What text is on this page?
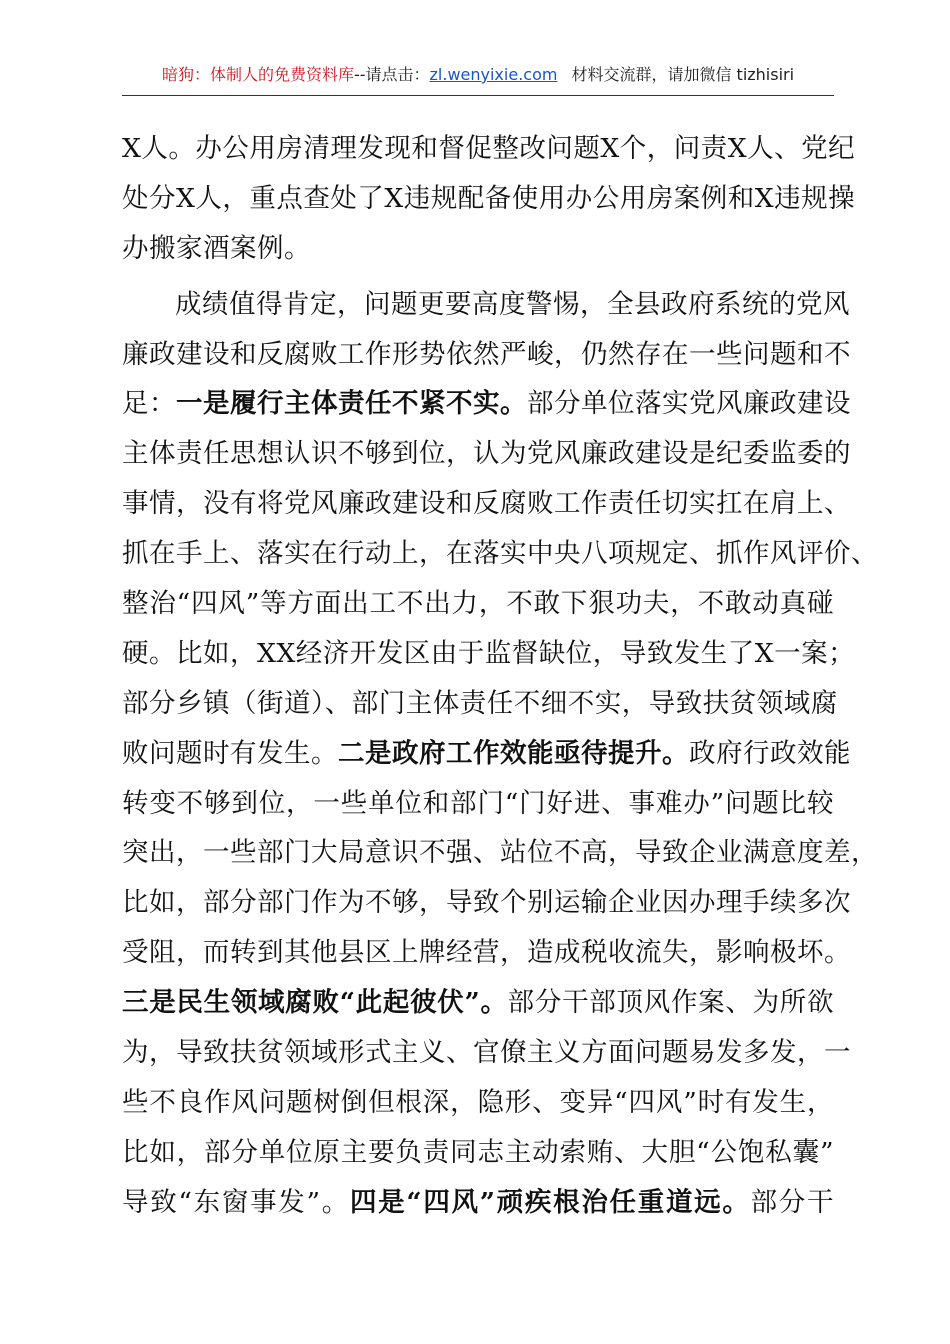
暗狗：体制人的免费资料库--请点击：zl.wenyixie.com 材料交流群，请加微信 tizhisiri
X人。办公用房清理发现和督促整改问题X个，问责X人、党纪
处分X人，重点查处了X违规配备使用办公用房案例和X违规操
办搬家酒案例。
成绩值得肯定，问题更要高度警惕，全县政府系统的党风
廉政建设和反腐败工作形势依然严峻，仍然存在一些问题和不
足：一是履行主体责任不紧不实。部分单位落实党风廉政建设
主体责任思想认识不够到位，认为党风廉政建设是纪委监委的
事情，没有将党风廉政建设和反腐败工作责任切实扛在肩上、
抓在手上、落实在行动上，在落实中央八项规定、抓作风评价、
整治“四风”等方面出工不出力，不敢下狠功夫，不敢动真碰
硬。比如，XX经济开发区由于监督缺位，导致发生了X一案；
部分乡镇（街道）、部门主体责任不细不实，导致扶贫领域腐
败问题时有发生。二是政府工作效能亟待提升。政府行政效能
转变不够到位，一些单位和部门“门好进、事难办”问题比较
突出，一些部门大局意识不强、站位不高，导致企业满意度差，
比如，部分部门作为不够，导致个别运输企业因办理手续多次
受阻，而转到其他县区上牌经营，造成税收流失，影响极坏。
三是民生领域腐败“此起彼伏”。部分干部顶风作案、为所欲
为，导致扶贫领域形式主义、官僚主义方面问题易发多发，一
些不良作风问题树倒但根深，隐形、变异“四风”时有发生，
比如，部分单位原主要负责同志主动索贿、大胆“公饱私囊”
导致“东窗事发”。四是“四风”顽疾根治任重道远。部分干
